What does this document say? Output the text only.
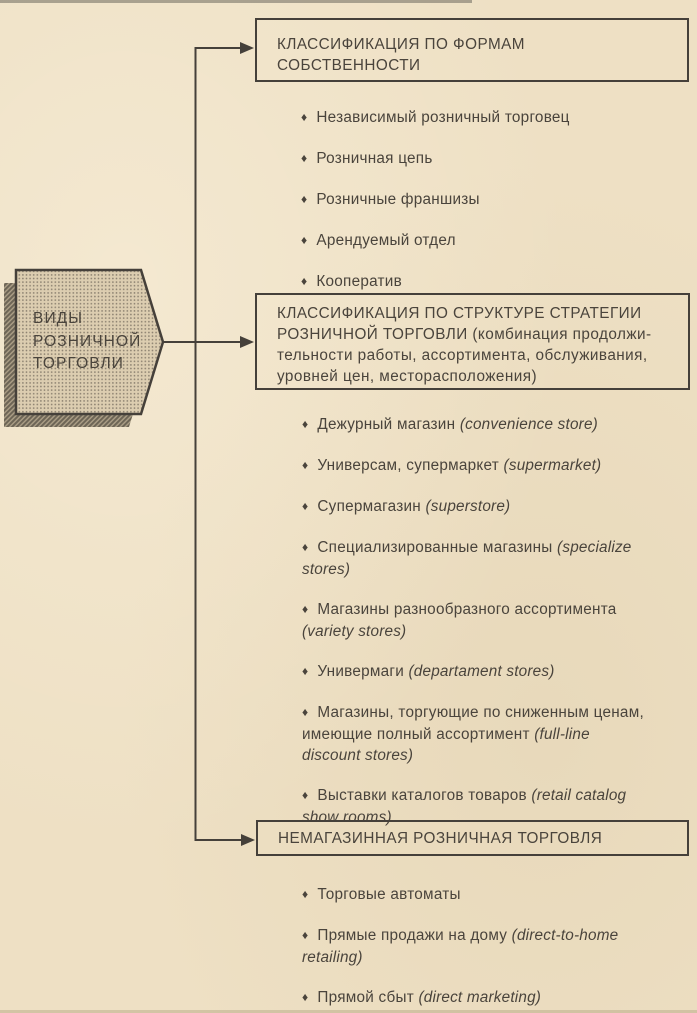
ВИДЫ
РОЗНИЧНОЙ
ТОРГОВЛИ
КЛАССИФИКАЦИЯ ПО ФОРМАМ
СОБСТВЕННОСТИ
♦ Независимый розничный торговец
♦ Розничная цепь
♦ Розничные франшизы
♦ Арендуемый отдел
♦ Кооператив
КЛАССИФИКАЦИЯ ПО СТРУКТУРЕ СТРАТЕГИИ
РОЗНИЧНОЙ ТОРГОВЛИ (комбинация продолжи-
тельности работы, ассортимента, обслуживания,
уровней цен, месторасположения)
♦ Дежурный магазин (convenience store)
♦ Универсам, супермаркет (supermarket)
♦ Супермагазин (superstore)
♦ Специализированные магазины (specialize stores)
♦ Магазины разнообразного ассортимента (variety stores)
♦ Универмаги (departament stores)
♦ Магазины, торгующие по сниженным ценам, имеющие полный ассортимент (full-line discount stores)
♦ Выставки каталогов товаров (retail catalog show rooms)
НЕМАГАЗИННАЯ РОЗНИЧНАЯ ТОРГОВЛЯ
♦ Торговые автоматы
♦ Прямые продажи на дому (direct-to-home retailing)
♦ Прямой сбыт (direct marketing)
